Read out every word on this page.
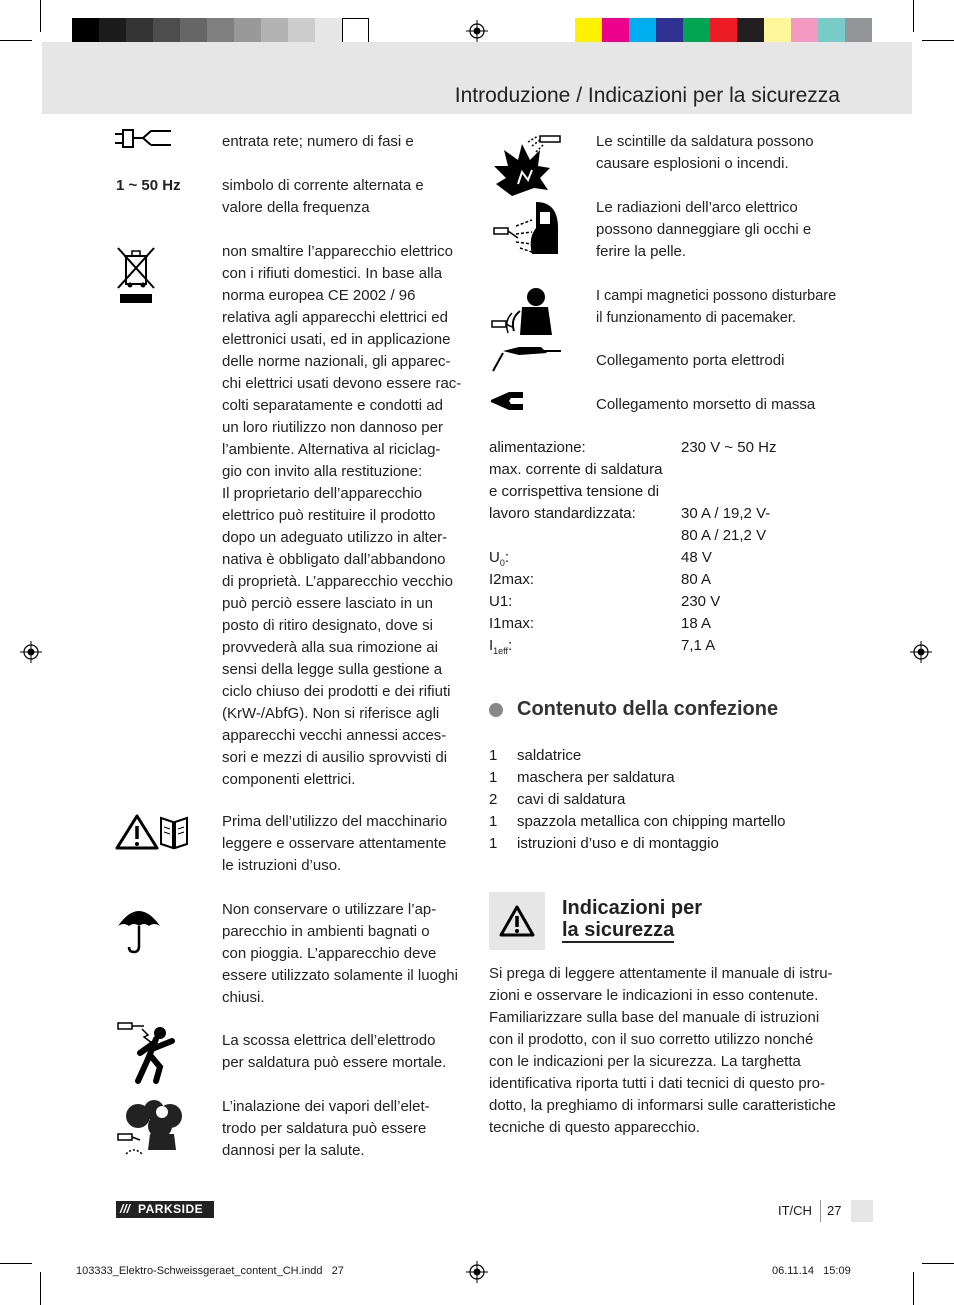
Introduzione / Indicazioni per la sicurezza
entrata rete; numero di fasi e
1 ~ 50 Hz	simbolo di corrente alternata e
valore della frequenza
non smaltire l’apparecchio elettrico
con i rifiuti domestici. In base alla
norma europea CE 2002 / 96
relativa agli apparecchi elettrici ed
elettronici usati, ed in applicazione
delle norme nazionali, gli apparec-
chi elettrici usati devono essere rac-
colti separatamente e condotti ad
un loro riutilizzo non dannoso per
l’ambiente. Alternativa al riciclag-
gio con invito alla restituzione:
Il proprietario dell’apparecchio
elettrico può restituire il prodotto
dopo un adeguato utilizzo in alter-
nativa è obbligato dall’abbandono
di proprietà. L’apparecchio vecchio
può perciò essere lasciato in un
posto di ritiro designato, dove si
provvederà alla sua rimozione ai
sensi della legge sulla gestione a
ciclo chiuso dei prodotti e dei rifiuti
(KrW-/AbfG). Non si riferisce agli
apparecchi vecchi annessi acces-
sori e mezzi di ausilio sprovvisti di
componenti elettrici.
Prima dell’utilizzo del macchinario
leggere e osservare attentamente
le istruzioni d’uso.
Non conservare o utilizzare l’ap-
parecchio in ambienti bagnati o
con pioggia. L’apparecchio deve
essere utilizzato solamente il luoghi
chiusi.
La scossa elettrica dell’elettrodo
per saldatura può essere mortale.
L’inalazione dei vapori dell’elet-
trodo per saldatura può essere
dannosi per la salute.
Le scintille da saldatura possono
causare esplosioni o incendi.
Le radiazioni dell’arco elettrico
possono danneggiare gli occhi e
ferire la pelle.
I campi magnetici possono disturbare
il funzionamento di pacemaker.
Collegamento porta elettrodi
Collegamento morsetto di massa
alimentazione:	230 V ~ 50 Hz
max. corrente di saldatura
e corrispettiva tensione di
lavoro standardizzata:	30 A / 19,2 V-
80 A / 21,2 V
$U_0$:	48 V
I2max:	80 A
U1:	230 V
I1max:	18 A
$I_{1eff}$:	7,1 A
Contenuto della confezione
1 saldatrice
1 maschera per saldatura
2 cavi di saldatura
1 spazzola metallica con chipping martello
1 istruzioni d’uso e di montaggio
Indicazioni per
la sicurezza
Si prega di leggere attentamente il manuale di istru-
zioni e osservare le indicazioni in esso contenute.
Familiarizzare sulla base del manuale di istruzioni
con il prodotto, con il suo corretto utilizzo nonché
con le indicazioni per la sicurezza. La targhetta
identificativa riporta tutti i dati tecnici di questo pro-
dotto, la preghiamo di informarsi sulle caratteristiche
tecniche di questo apparecchio.
/// PARKSIDE	IT/CH 27
103333_Elektro-Schweissgeraet_content_CH.indd   27	06.11.14   15:09
